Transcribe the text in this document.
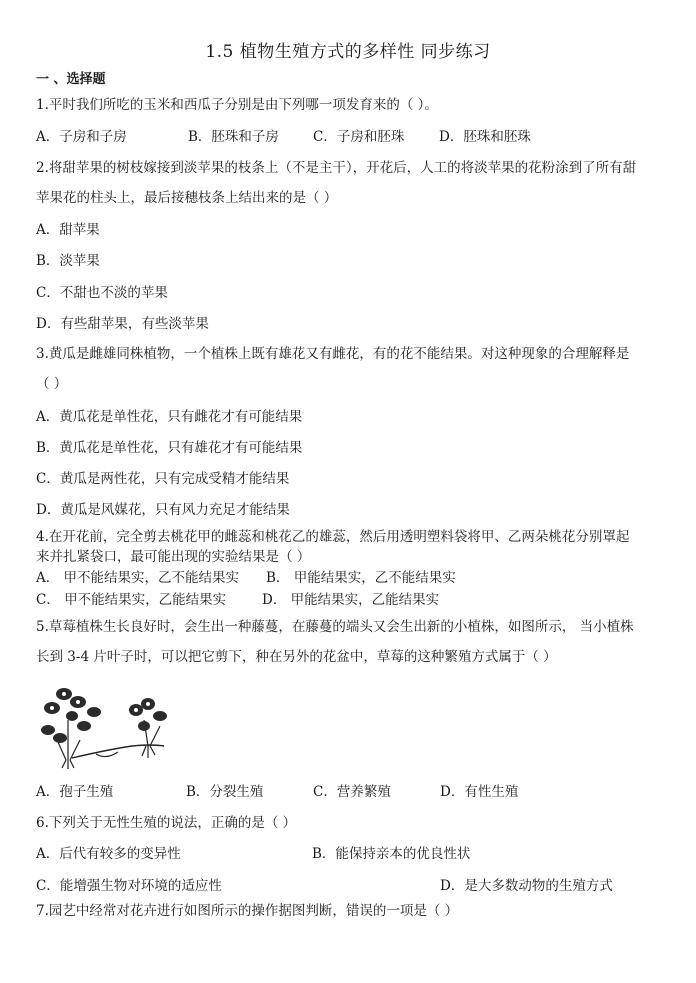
1.5 植物生殖方式的多样性 同步练习
一 、选择题
1.平时我们所吃的玉米和西瓜子分别是由下列哪一项发育来的（ ）。
A．子房和子房	B．胚珠和子房	C．子房和胚珠	D．胚珠和胚珠
2.将甜苹果的树枝嫁接到淡苹果的枝条上（不是主干），开花后，人工的将淡苹果的花粉涂到了所有甜
苹果花的柱头上，最后接穗枝条上结出来的是（ ）
A．甜苹果
B．淡苹果
C．不甜也不淡的苹果
D．有些甜苹果，有些淡苹果
3.黄瓜是雌雄同株植物，一个植株上既有雄花又有雌花，有的花不能结果。对这种现象的合理解释是
（ ）
A．黄瓜花是单性花，只有雌花才有可能结果
B．黄瓜花是单性花，只有雄花才有可能结果
C．黄瓜是两性花，只有完成受精才能结果
D．黄瓜是风媒花，只有风力充足才能结果
4.在开花前，完全剪去桃花甲的雌蕊和桃花乙的雄蕊，然后用透明塑料袋将甲、乙两朵桃花分别罩起
来并扎紧袋口，最可能出现的实验结果是（ ）
A． 甲不能结果实，乙不能结果实 B． 甲能结果实，乙不能结果实
C． 甲不能结果实，乙能结果实	D． 甲能结果实，乙能结果实
5.草莓植株生长良好时，会生出一种藤蔓，在藤蔓的端头又会生出新的小植株，如图所示， 当小植株
长到 3-4 片叶子时，可以把它剪下，种在另外的花盆中，草莓的这种繁殖方式属于（ ）
A．孢子生殖	B．分裂生殖	C．营养繁殖	D．有性生殖
6.下列关于无性生殖的说法，正确的是（ ）
A．后代有较多的变异性	B．能保持亲本的优良性状
C．能增强生物对环境的适应性	D．是大多数动物的生殖方式
7.园艺中经常对花卉进行如图所示的操作据图判断，错误的一项是（ ）
